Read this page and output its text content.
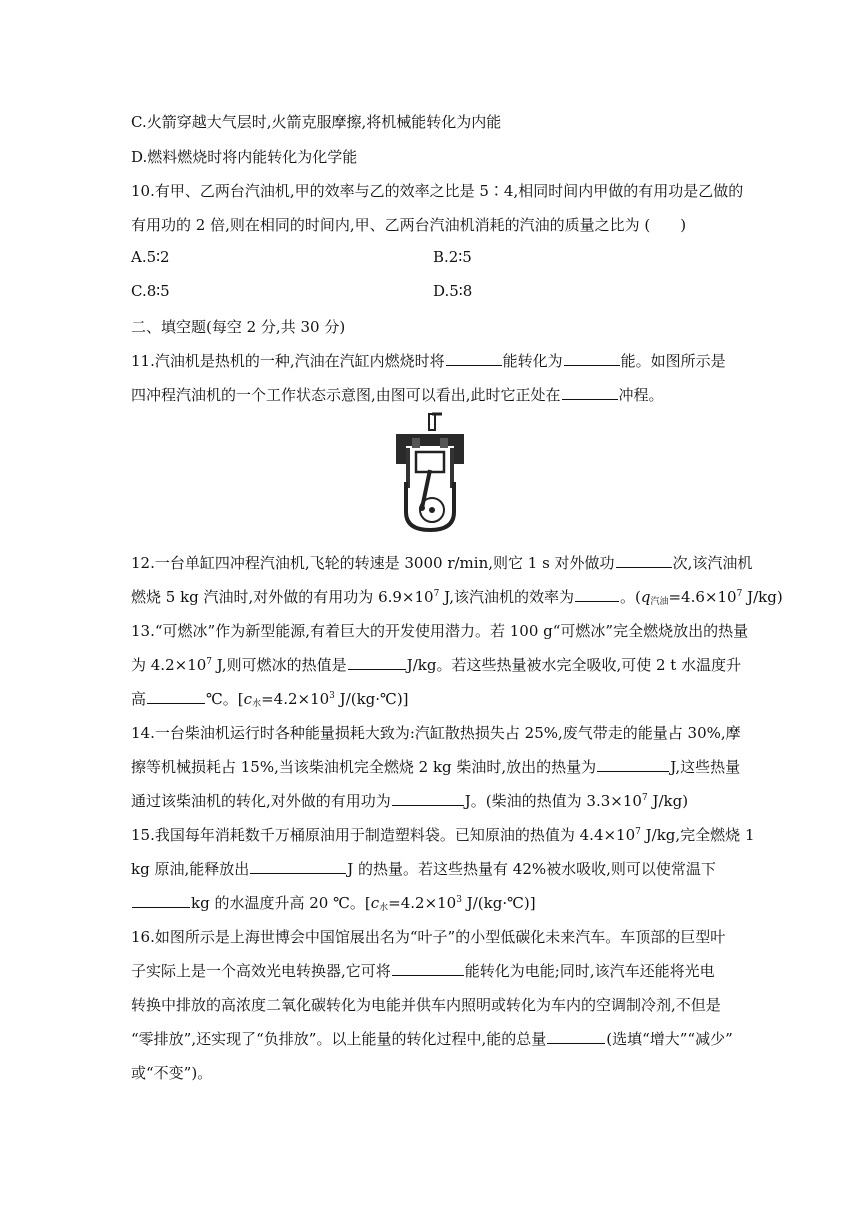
C.火箭穿越大气层时,火箭克服摩擦,将机械能转化为内能
D.燃料燃烧时将内能转化为化学能
10.有甲、乙两台汽油机,甲的效率与乙的效率之比是 5∶4,相同时间内甲做的有用功是乙做的
有用功的 2 倍,则在相同的时间内,甲、乙两台汽油机消耗的汽油的质量之比为 (　　)
A.5∶2	B.2∶5
C.8∶5	D.5∶8
二、填空题(每空 2 分,共 30 分)
11.汽油机是热机的一种,汽油在汽缸内燃烧时将	能转化为	能。如图所示是
四冲程汽油机的一个工作状态示意图,由图可以看出,此时它正处在	冲程。
12.一台单缸四冲程汽油机,飞轮的转速是 3000 r/min,则它 1 s 对外做功	次,该汽油机
燃烧 5 kg 汽油时,对外做的有用功为 $6.9\times 10^7$ J,该汽油机的效率为	。($q_{汽油}=4.6\times 10^7$ J/kg)
13.“可燃冰”作为新型能源,有着巨大的开发使用潜力。若 100 g“可燃冰”完全燃烧放出的热量
为 $4.2\times 10^7$ J,则可燃冰的热值是	J/kg。若这些热量被水完全吸收,可使 2 t 水温度升
高	℃。[$c_水=4.2\times 10^3$ J/(kg·℃)]
14.一台柴油机运行时各种能量损耗大致为:汽缸散热损失占 25%,废气带走的能量占 30%,摩
擦等机械损耗占 15%,当该柴油机完全燃烧 2 kg 柴油时,放出的热量为	J,这些热量
通过该柴油机的转化,对外做的有用功为	J。(柴油的热值为 $3.3\times 10^7$ J/kg)
15.我国每年消耗数千万桶原油用于制造塑料袋。已知原油的热值为 $4.4\times 10^7$ J/kg,完全燃烧 1
kg 原油,能释放出	J 的热量。若这些热量有 42%被水吸收,则可以使常温下
kg 的水温度升高 20 ℃。[$c_水=4.2\times 10^3$ J/(kg·℃)]
16.如图所示是上海世博会中国馆展出名为“叶子”的小型低碳化未来汽车。车顶部的巨型叶
子实际上是一个高效光电转换器,它可将	能转化为电能;同时,该汽车还能将光电
转换中排放的高浓度二氧化碳转化为电能并供车内照明或转化为车内的空调制冷剂,不但是
“零排放”,还实现了“负排放”。以上能量的转化过程中,能的总量	(选填“增大”“减少”
或“不变”)。
